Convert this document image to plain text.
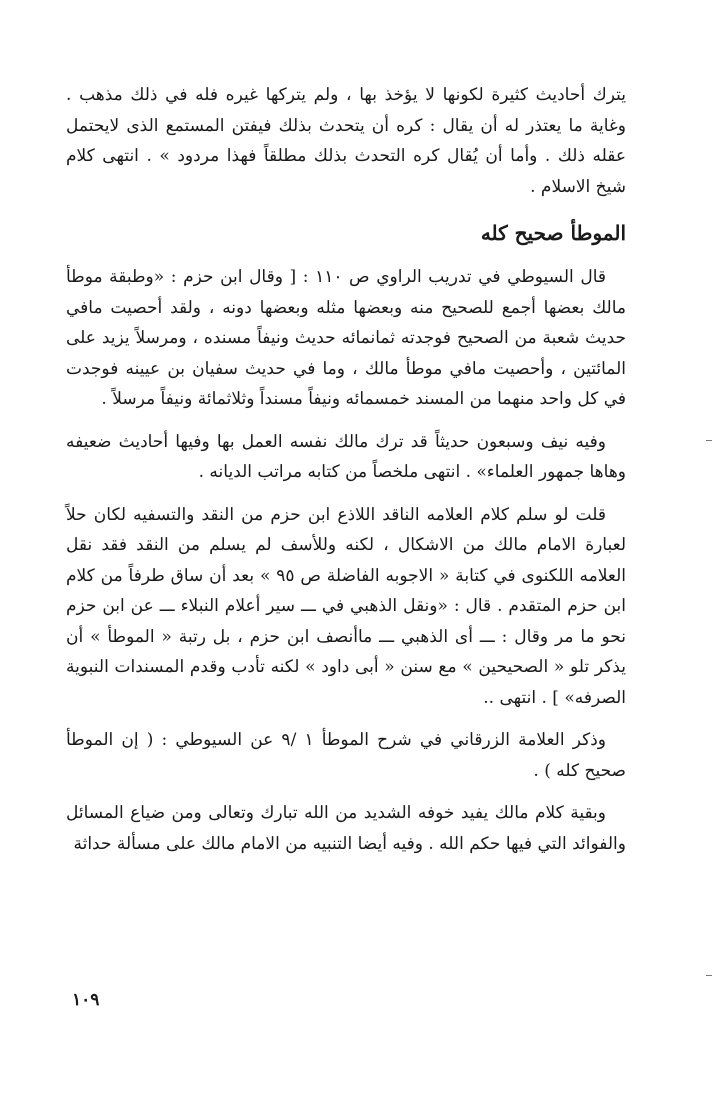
يترك أحاديث كثيرة لكونها لا يؤخذ بها ، ولم يتركها غيره فله في ذلك مذهب . وغاية ما يعتذر له أن يقال : كره أن يتحدث بذلك فيفتن المستمع الذى لايحتمل عقله ذلك . وأما أن يُقال كره التحدث بذلك مطلقاً فهذا مردود » . انتهى كلام شيخ الاسلام .

الموطأ صحيح كله

قال السيوطي في تدريب الراوي ص ١١٠ : [ وقال ابن حزم : «وطبقة موطأ مالك بعضها أجمع للصحيح منه وبعضها مثله وبعضها دونه ، ولقد أحصيت مافي حديث شعبة من الصحيح فوجدته ثمانمائه حديث ونيفاً مسنده ، ومرسلاً يزيد على المائتين ، وأحصيت مافي موطأ مالك ، وما في حديث سفيان بن عيينه فوجدت في كل واحد منهما من المسند خمسمائه ونيفاً مسنداً وثلاثمائة ونيفاً مرسلاً .

وفيه نيف وسبعون حديثاً قد ترك مالك نفسه العمل بها وفيها أحاديث ضعيفه وهاها جمهور العلماء» . انتهى ملخصاً من كتابه مراتب الديانه .

قلت لو سلم كلام العلامه الناقد اللاذع ابن حزم من النقد والتسفيه لكان حلاً لعبارة الامام مالك من الاشكال ، لكنه وللأسف لم يسلم من النقد فقد نقل العلامه اللكنوى في كتابة « الاجوبه الفاضلة ص ٩٥ » بعد أن ساق طرفاً من كلام ابن حزم المتقدم . قال : «ونقل الذهبي في ـــ سير أعلام النبلاء ـــ عن ابن حزم نحو ما مر وقال : ـــ أى الذهبي ـــ ماأنصف ابن حزم ، بل رتبة « الموطأ » أن يذكر تلو « الصحيحين » مع سنن « أبى داود » لكنه تأدب وقدم المسندات النبوية الصرفه» ] . انتهى ..

وذكر العلامة الزرقاني في شرح الموطأ ١ /٩ عن السيوطي : ( إن الموطأ صحيح كله ) .

وبقية كلام مالك يفيد خوفه الشديد من الله تبارك وتعالى ومن ضياع المسائل والفوائد التي فيها حكم الله . وفيه أيضا التنبيه من الامام مالك على مسألة حداثة

١٠٩
